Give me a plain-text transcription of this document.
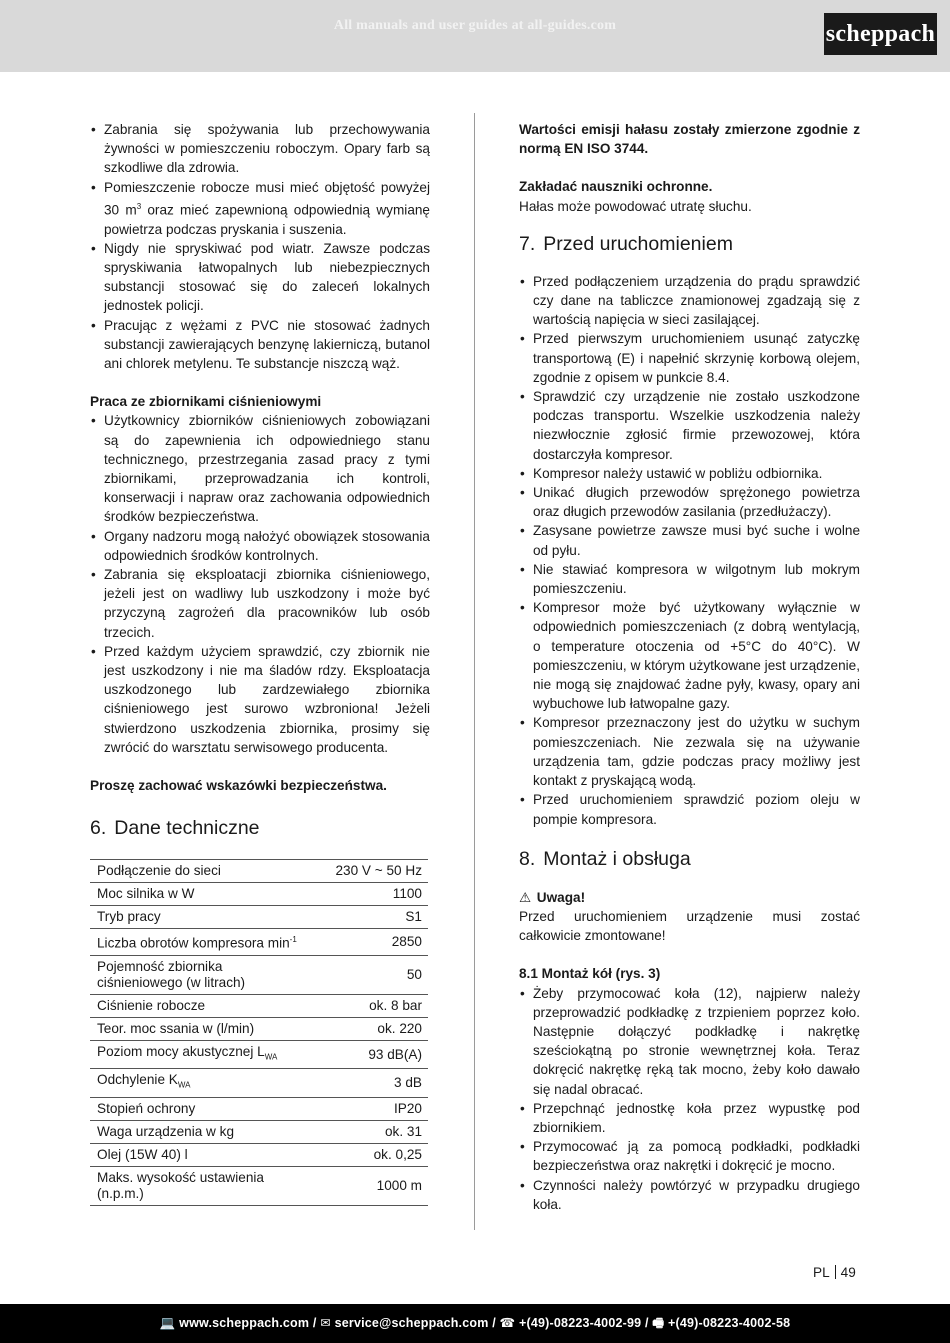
All manuals and user guides at all-guides.com	scheppach
• Zabrania się spożywania lub przechowywania żywności w pomieszczeniu roboczym. Opary farb są szkodliwe dla zdrowia.
• Pomieszczenie robocze musi mieć objętość powyżej 30 $m^3$ oraz mieć zapewnioną odpowiednią wymianę powietrza podczas pryskania i suszenia.
• Nigdy nie spryskiwać pod wiatr. Zawsze podczas spryskiwania łatwopalnych lub niebezpiecznych substancji stosować się do zaleceń lokalnych jednostek policji.
• Pracując z wężami z PVC nie stosować żadnych substancji zawierających benzynę lakierniczą, butanol ani chlorek metylenu. Te substancje niszczą wąż.

Praca ze zbiornikami ciśnieniowymi

• Użytkownicy zbiorników ciśnieniowych zobowiązani są do zapewnienia ich odpowiedniego stanu technicznego, przestrzegania zasad pracy z tymi zbiornikami, przeprowadzania ich kontroli, konserwacji i napraw oraz zachowania odpowiednich środków bezpieczeństwa.
• Organy nadzoru mogą nałożyć obowiązek stosowania odpowiednich środków kontrolnych.
• Zabrania się eksploatacji zbiornika ciśnieniowego, jeżeli jest on wadliwy lub uszkodzony i może być przyczyną zagrożeń dla pracowników lub osób trzecich.
• Przed każdym użyciem sprawdzić, czy zbiornik nie jest uszkodzony i nie ma śladów rdzy. Eksploatacja uszkodzonego lub zardzewiałego zbiornika ciśnieniowego jest surowo wzbroniona! Jeżeli stwierdzono uszkodzenia zbiornika, prosimy się zwrócić do warsztatu serwisowego producenta.

Proszę zachować wskazówki bezpieczeństwa.

6. Dane techniczne
Podłączenie do sieci	230 V ~ 50 Hz
Moc silnika w W	1100
Tryb pracy	S1
Liczba obrotów kompresora $\min^{-1}$	2850
Pojemność zbiornika ciśnieniowego (w litrach)	50
Ciśnienie robocze	ok. 8 bar
Teor. moc ssania w (l/min)	ok. 220
Poziom mocy akustycznej $L_{WA}$	93 dB(A)
Odchylenie $K_{WA}$	3 dB
Stopień ochrony	IP20
Waga urządzenia w kg	ok. 31
Olej (15W 40) l	ok. 0,25
Maks. wysokość ustawienia (n.p.m.)	1000 m

Wartości emisji hałasu zostały zmierzone zgodnie z normą EN ISO 3744.

Zakładać nauszniki ochronne.

Hałas może powodować utratę słuchu.

7. Przed uruchomieniem
• Przed podłączeniem urządzenia do prądu sprawdzić czy dane na tabliczce znamionowej zgadzają się z wartością napięcia w sieci zasilającej.
• Przed pierwszym uruchomieniem usunąć zatyczkę transportową (E) i napełnić skrzynię korbową olejem, zgodnie z opisem w punkcie 8.4.
• Sprawdzić czy urządzenie nie zostało uszkodzone podczas transportu. Wszelkie uszkodzenia należy niezwłocznie zgłosić firmie przewozowej, która dostarczyła kompresor.
• Kompresor należy ustawić w pobliżu odbiornika.
• Unikać długich przewodów sprężonego powietrza oraz długich przewodów zasilania (przedłużaczy).
• Zasysane powietrze zawsze musi być suche i wolne od pyłu.
• Nie stawiać kompresora w wilgotnym lub mokrym pomieszczeniu.
• Kompresor może być użytkowany wyłącznie w odpowiednich pomieszczeniach (z dobrą wentylacją, o temperature otoczenia od +5°C do 40°C). W pomieszczeniu, w którym użytkowane jest urządzenie, nie mogą się znajdować żadne pyły, kwasy, opary ani wybuchowe lub łatwopalne gazy.
• Kompresor przeznaczony jest do użytku w suchym pomieszczeniach. Nie zezwala się na używanie urządzenia tam, gdzie podczas pracy możliwy jest kontakt z pryskającą wodą.
• Przed uruchomieniem sprawdzić poziom oleju w pompie kompresora.
8. Montaż i obsługa

⚠ Uwaga!

Przed uruchomieniem urządzenie musi zostać całkowicie zmontowane!

8.1 Montaż kół (rys. 3)

• Żeby przymocować koła (12), najpierw należy przeprowadzić podkładkę z trzpieniem poprzez koło. Następnie dołączyć podkładkę i nakrętkę sześciokątną po stronie wewnętrznej koła. Teraz dokręcić nakrętkę ręką tak mocno, żeby koło dawało się nadal obracać.
• Przepchnąć jednostkę koła przez wypustkę pod zbiornikiem.
• Przymocować ją za pomocą podkładki, podkładki bezpieczeństwa oraz nakrętki i dokręcić je mocno.
• Czynności należy powtórzyć w przypadku drugiego koła.
PL 49
💻 www.scheppach.com / ✉ service@scheppach.com / ☎ +(49)-08223-4002-99 / 🖷 +(49)-08223-4002-58
